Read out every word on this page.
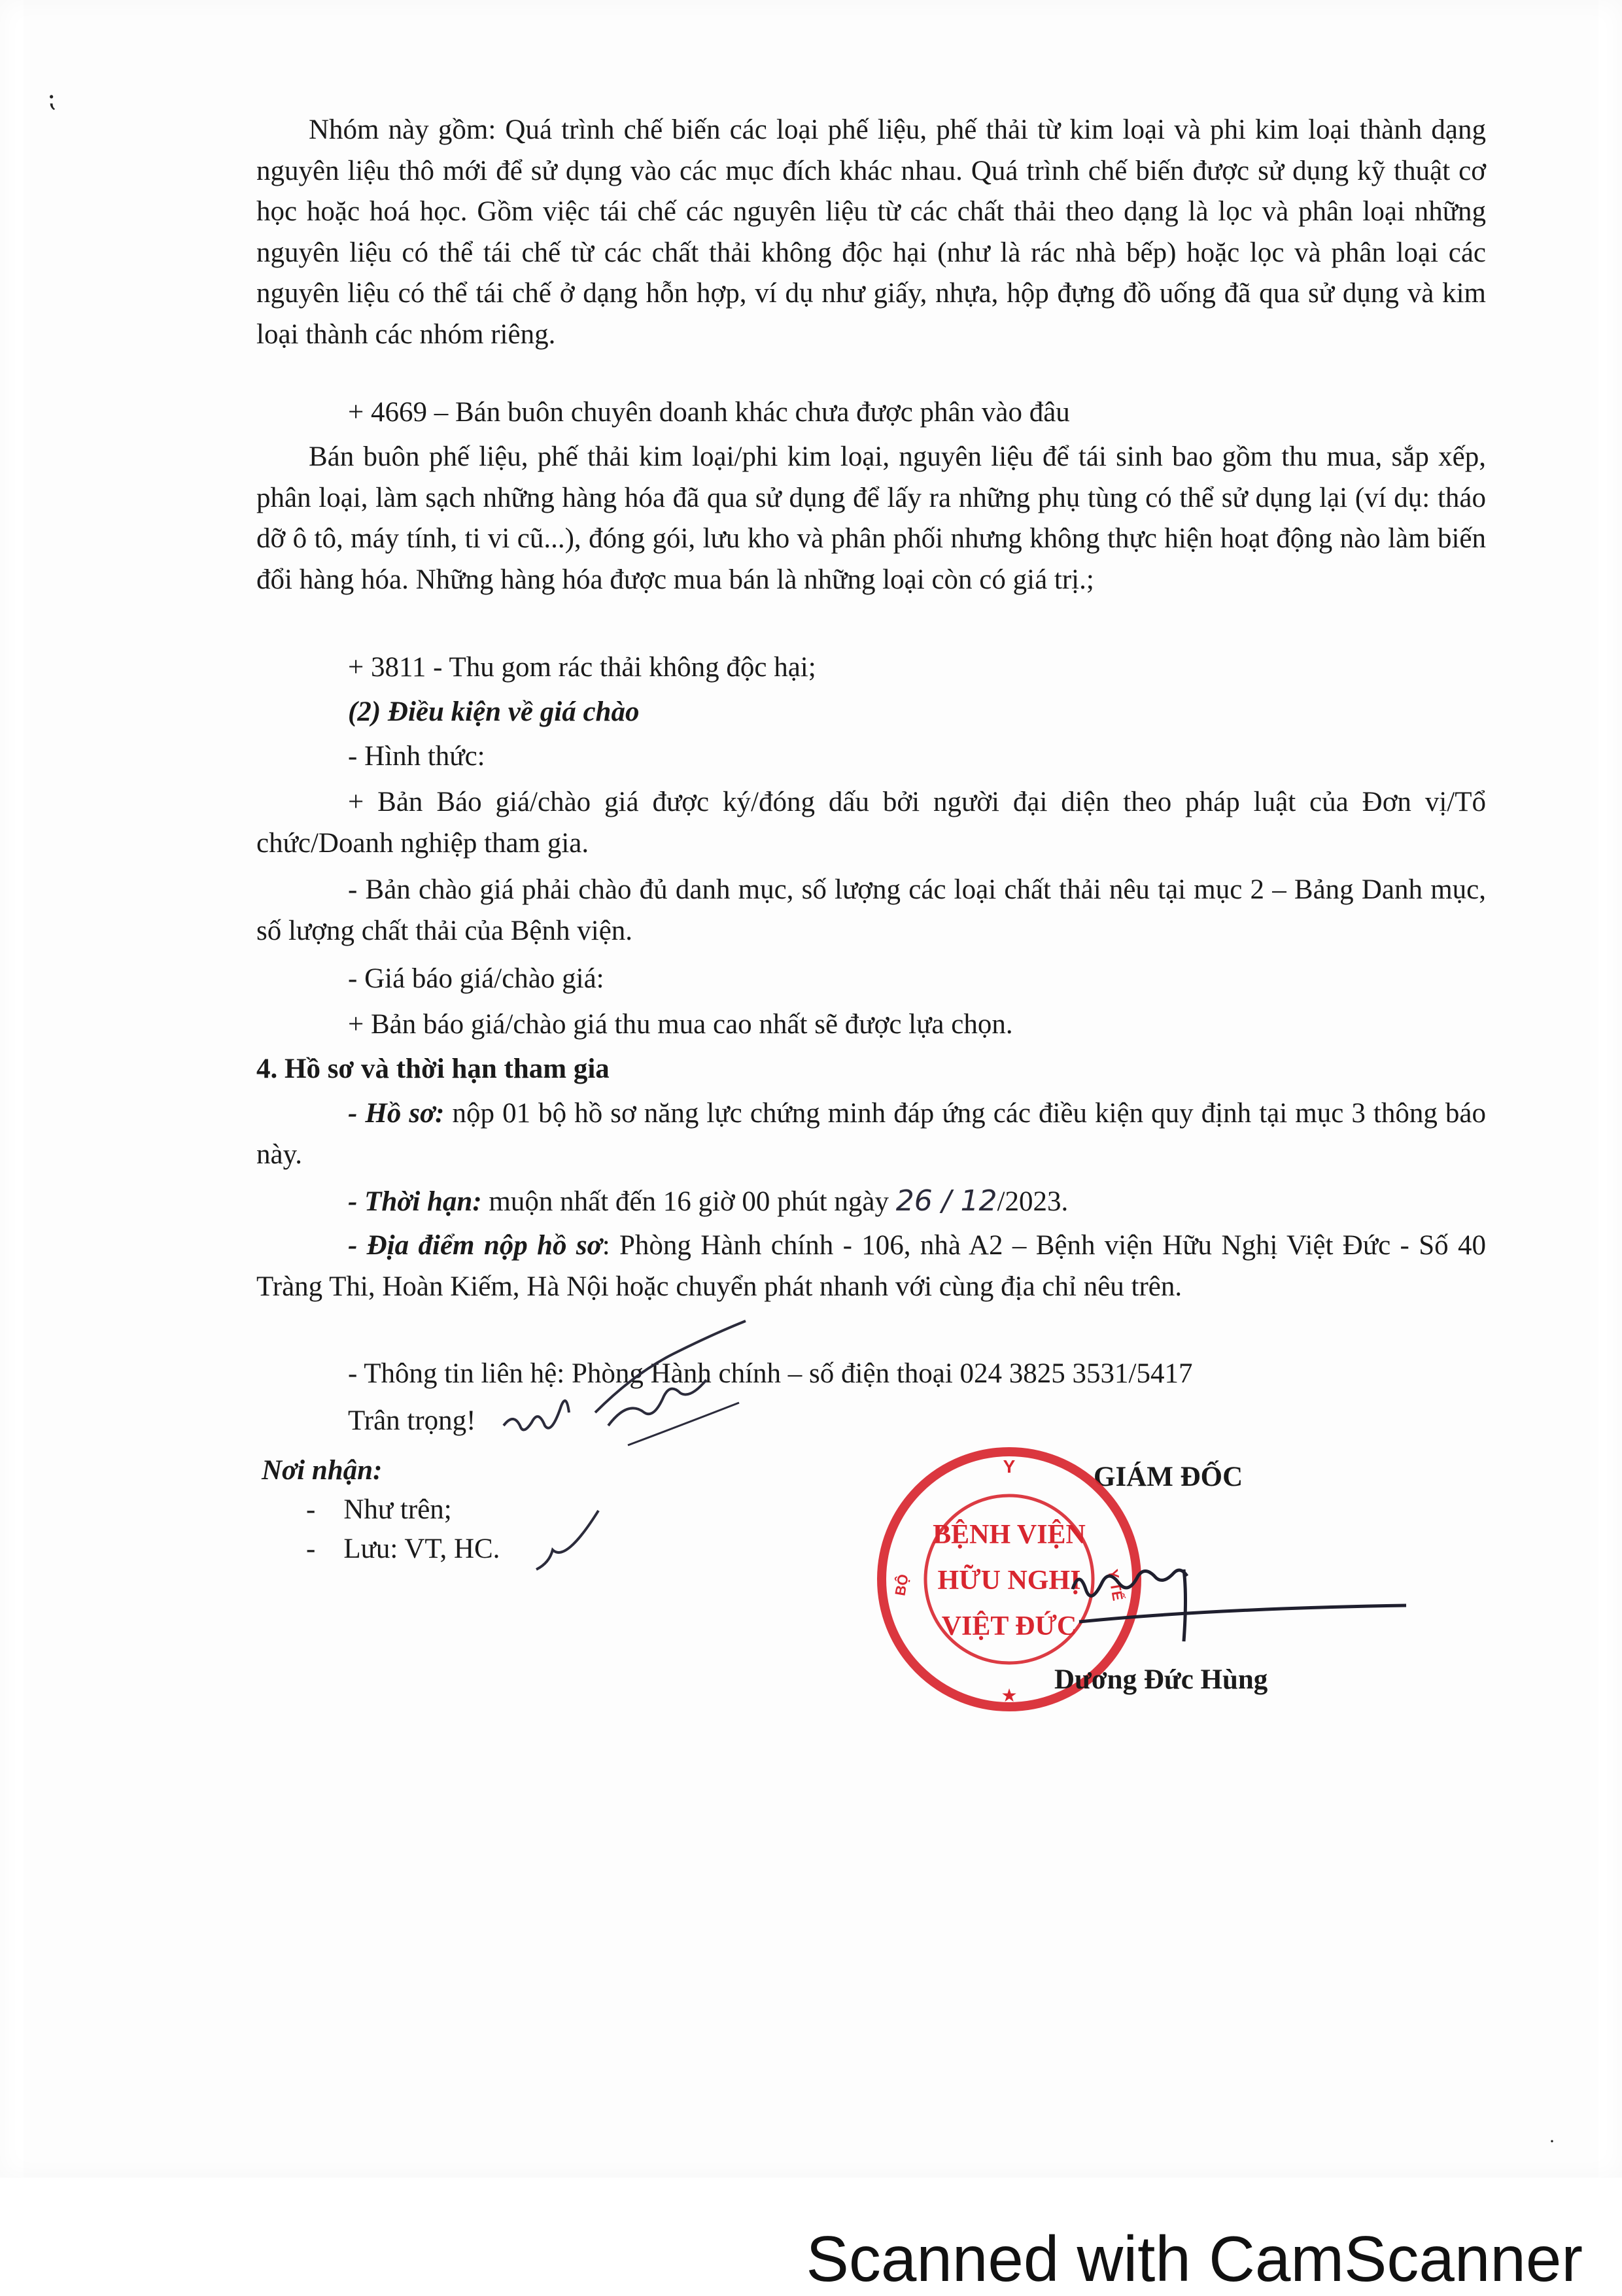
⁏

Nhóm này gồm: Quá trình chế biến các loại phế liệu, phế thải từ kim loại và phi kim loại thành dạng nguyên liệu thô mới để sử dụng vào các mục đích khác nhau. Quá trình chế biến được sử dụng kỹ thuật cơ học hoặc hoá học. Gồm việc tái chế các nguyên liệu từ các chất thải theo dạng là lọc và phân loại những nguyên liệu có thể tái chế từ các chất thải không độc hại (như là rác nhà bếp) hoặc lọc và phân loại các nguyên liệu có thể tái chế ở dạng hỗn hợp, ví dụ như giấy, nhựa, hộp đựng đồ uống đã qua sử dụng và kim loại thành các nhóm riêng.

+ 4669 – Bán buôn chuyên doanh khác chưa được phân vào đâu

Bán buôn phế liệu, phế thải kim loại/phi kim loại, nguyên liệu để tái sinh bao gồm thu mua, sắp xếp, phân loại, làm sạch những hàng hóa đã qua sử dụng để lấy ra những phụ tùng có thể sử dụng lại (ví dụ: tháo dỡ ô tô, máy tính, ti vi cũ...), đóng gói, lưu kho và phân phối nhưng không thực hiện hoạt động nào làm biến đổi hàng hóa. Những hàng hóa được mua bán là những loại còn có giá trị.;

+ 3811 - Thu gom rác thải không độc hại;

(2) Điều kiện về giá chào

- Hình thức:

+ Bản Báo giá/chào giá được ký/đóng dấu bởi người đại diện theo pháp luật của Đơn vị/Tổ chức/Doanh nghiệp tham gia.

- Bản chào giá phải chào đủ danh mục, số lượng các loại chất thải nêu tại mục 2 – Bảng Danh mục, số lượng chất thải của Bệnh viện.

- Giá báo giá/chào giá:

+ Bản báo giá/chào giá thu mua cao nhất sẽ được lựa chọn.

4. Hồ sơ và thời hạn tham gia

- Hồ sơ: nộp 01 bộ hồ sơ năng lực chứng minh đáp ứng các điều kiện quy định tại mục 3 thông báo này.

- Thời hạn: muộn nhất đến 16 giờ 00 phút ngày 26 / 12/2023.

- Địa điểm nộp hồ sơ: Phòng Hành chính - 106, nhà A2 – Bệnh viện Hữu Nghị Việt Đức - Số 40 Tràng Thi, Hoàn Kiếm, Hà Nội hoặc chuyển phát nhanh với cùng địa chỉ nêu trên.

- Thông tin liên hệ: Phòng Hành chính – số điện thoại 024 3825 3531/5417

Trân trọng!

Nơi nhận:

-    Như trên;

-    Lưu: VT, HC.

GIÁM ĐỐC

Y
BỘ	Y TẾ
BỆNH VIỆN
HỮU NGHỊ
VIỆT ĐỨC
★

Dương Đức Hùng

Scanned with CamScanner
·
